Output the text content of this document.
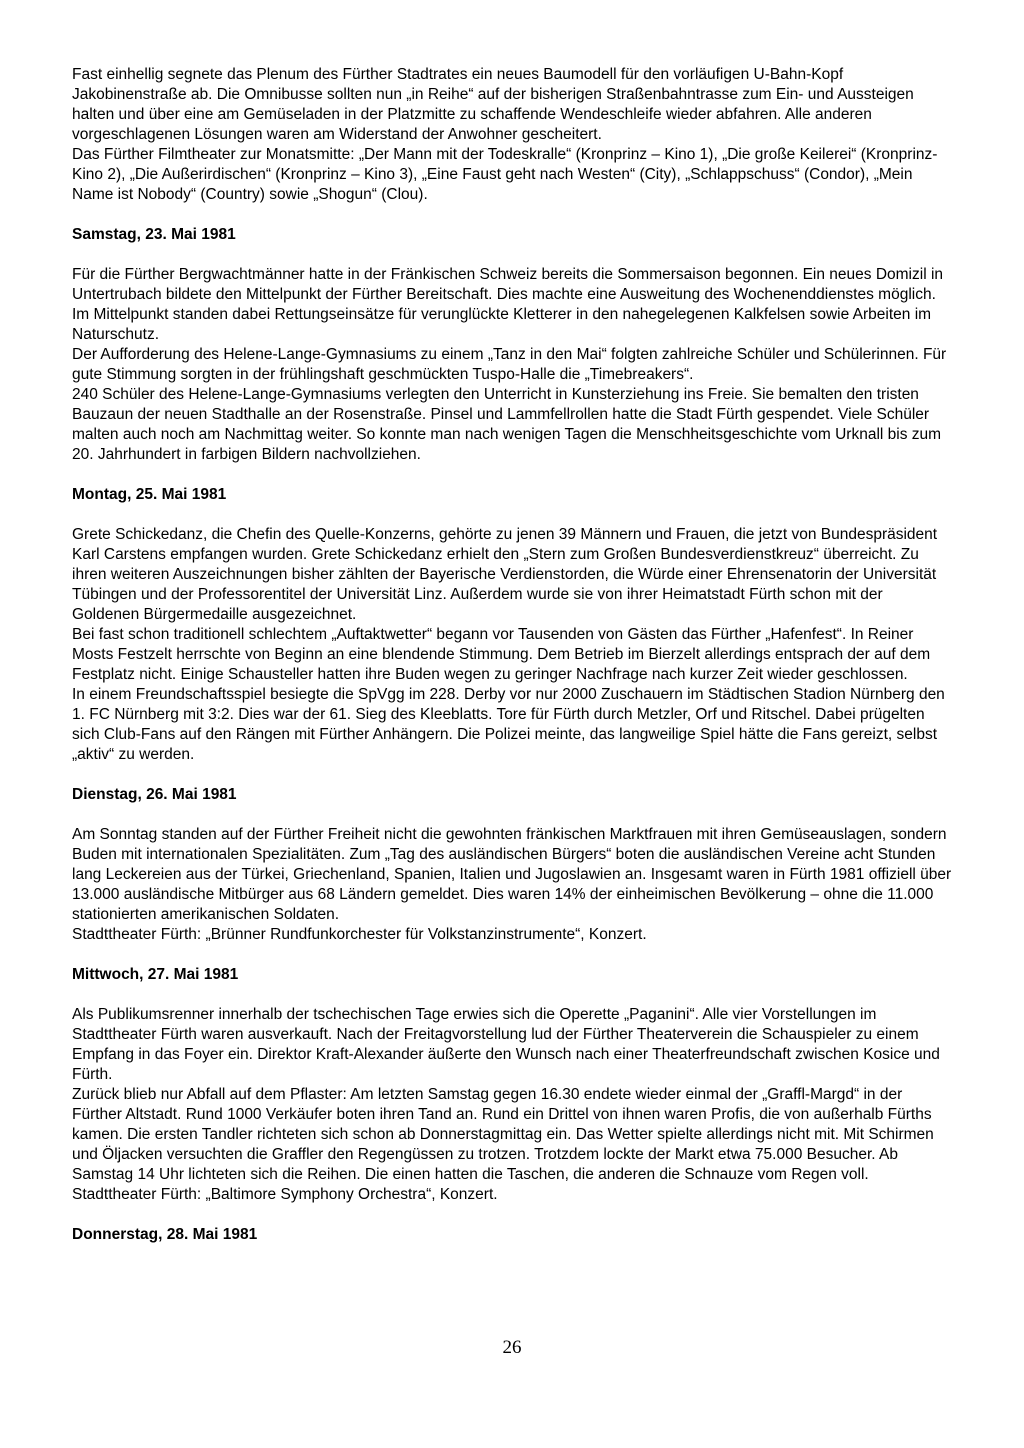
Fast einhellig segnete das Plenum des Fürther Stadtrates ein neues Baumodell für den vorläufigen U-Bahn-Kopf Jakobinenstraße ab. Die Omnibusse sollten nun „in Reihe“ auf der bisherigen Straßenbahntrasse zum Ein- und Aussteigen halten und über eine am Gemüseladen in der Platzmitte zu schaffende Wendeschleife wieder abfahren. Alle anderen vorgeschlagenen Lösungen waren am Widerstand der Anwohner gescheitert.

Das Fürther Filmtheater zur Monatsmitte: „Der Mann mit der Todeskralle“ (Kronprinz – Kino 1), „Die große Keilerei“ (Kronprinz- Kino 2), „Die Außerirdischen“ (Kronprinz – Kino 3), „Eine Faust geht nach Westen“ (City), „Schlappschuss“ (Condor), „Mein Name ist Nobody“ (Country) sowie „Shogun“ (Clou).

Samstag, 23. Mai 1981

Für die Fürther Bergwachtmänner hatte in der Fränkischen Schweiz bereits die Sommersaison begonnen. Ein neues Domizil in Untertrubach bildete den Mittelpunkt der Fürther Bereitschaft. Dies machte eine Ausweitung des Wochenenddienstes möglich. Im Mittelpunkt standen dabei Rettungseinsätze für verunglückte Kletterer in den nahegelegenen Kalkfelsen sowie Arbeiten im Naturschutz.

Der Aufforderung des Helene-Lange-Gymnasiums zu einem „Tanz in den Mai“ folgten zahlreiche Schüler und Schülerinnen. Für gute Stimmung sorgten in der frühlingshaft geschmückten Tuspo-Halle die „Timebreakers“.

240 Schüler des Helene-Lange-Gymnasiums verlegten den Unterricht in Kunsterziehung ins Freie. Sie bemalten den tristen Bauzaun der neuen Stadthalle an der Rosenstraße. Pinsel und Lammfellrollen hatte die Stadt Fürth gespendet. Viele Schüler malten auch noch am Nachmittag weiter. So konnte man nach wenigen Tagen die Menschheitsgeschichte vom Urknall bis zum 20. Jahrhundert in farbigen Bildern nachvollziehen.

Montag, 25. Mai 1981

Grete Schickedanz, die Chefin des Quelle-Konzerns, gehörte zu jenen 39 Männern und Frauen, die jetzt von Bundespräsident Karl Carstens empfangen wurden. Grete Schickedanz erhielt den „Stern zum Großen Bundesverdienstkreuz“ überreicht. Zu ihren weiteren Auszeichnungen bisher zählten der Bayerische Verdienstorden, die Würde einer Ehrensenatorin der Universität Tübingen und der Professorentitel der Universität Linz. Außerdem wurde sie von ihrer Heimatstadt Fürth schon mit der Goldenen Bürgermedaille ausgezeichnet.

Bei fast schon traditionell schlechtem „Auftaktwetter“ begann vor Tausenden von Gästen das Fürther „Hafenfest“. In Reiner Mosts Festzelt herrschte von Beginn an eine blendende Stimmung. Dem Betrieb im Bierzelt allerdings entsprach der auf dem Festplatz nicht. Einige Schausteller hatten ihre Buden wegen zu geringer Nachfrage nach kurzer Zeit wieder geschlossen.

In einem Freundschaftsspiel besiegte die SpVgg im 228. Derby vor nur 2000 Zuschauern im Städtischen Stadion Nürnberg den 1. FC Nürnberg mit 3:2. Dies war der 61. Sieg des Kleeblatts. Tore für Fürth durch Metzler, Orf und Ritschel. Dabei prügelten sich Club-Fans auf den Rängen mit Fürther Anhängern. Die Polizei meinte, das langweilige Spiel hätte die Fans gereizt, selbst „aktiv“ zu werden.

Dienstag, 26. Mai 1981

Am Sonntag standen auf der Fürther Freiheit nicht die gewohnten fränkischen Marktfrauen mit ihren Gemüseauslagen, sondern Buden mit internationalen Spezialitäten. Zum „Tag des ausländischen Bürgers“ boten die ausländischen Vereine acht Stunden lang Leckereien aus der Türkei, Griechenland, Spanien, Italien und Jugoslawien an. Insgesamt waren in Fürth 1981 offiziell über 13.000 ausländische Mitbürger aus 68 Ländern gemeldet. Dies waren 14% der einheimischen Bevölkerung – ohne die 11.000 stationierten amerikanischen Soldaten.

Stadttheater Fürth: „Brünner Rundfunkorchester für Volkstanzinstrumente“, Konzert.

Mittwoch, 27. Mai 1981

Als Publikumsrenner innerhalb der tschechischen Tage erwies sich die Operette „Paganini“. Alle vier Vorstellungen im Stadttheater Fürth waren ausverkauft. Nach der Freitagvorstellung lud der Fürther Theaterverein die Schauspieler zu einem Empfang in das Foyer ein. Direktor Kraft-Alexander äußerte den Wunsch nach einer Theaterfreundschaft zwischen Kosice und Fürth.

Zurück blieb nur Abfall auf dem Pflaster: Am letzten Samstag gegen 16.30 endete wieder einmal der „Graffl-Margd“ in der Fürther Altstadt. Rund 1000 Verkäufer boten ihren Tand an. Rund ein Drittel von ihnen waren Profis, die von außerhalb Fürths kamen. Die ersten Tandler richteten sich schon ab Donnerstagmittag ein. Das Wetter spielte allerdings nicht mit. Mit Schirmen und Öljacken versuchten die Graffler den Regengüssen zu trotzen. Trotzdem lockte der Markt etwa 75.000 Besucher. Ab Samstag 14 Uhr lichteten sich die Reihen. Die einen hatten die Taschen, die anderen die Schnauze vom Regen voll.

Stadttheater Fürth: „Baltimore Symphony Orchestra“, Konzert.

Donnerstag, 28. Mai 1981
26
